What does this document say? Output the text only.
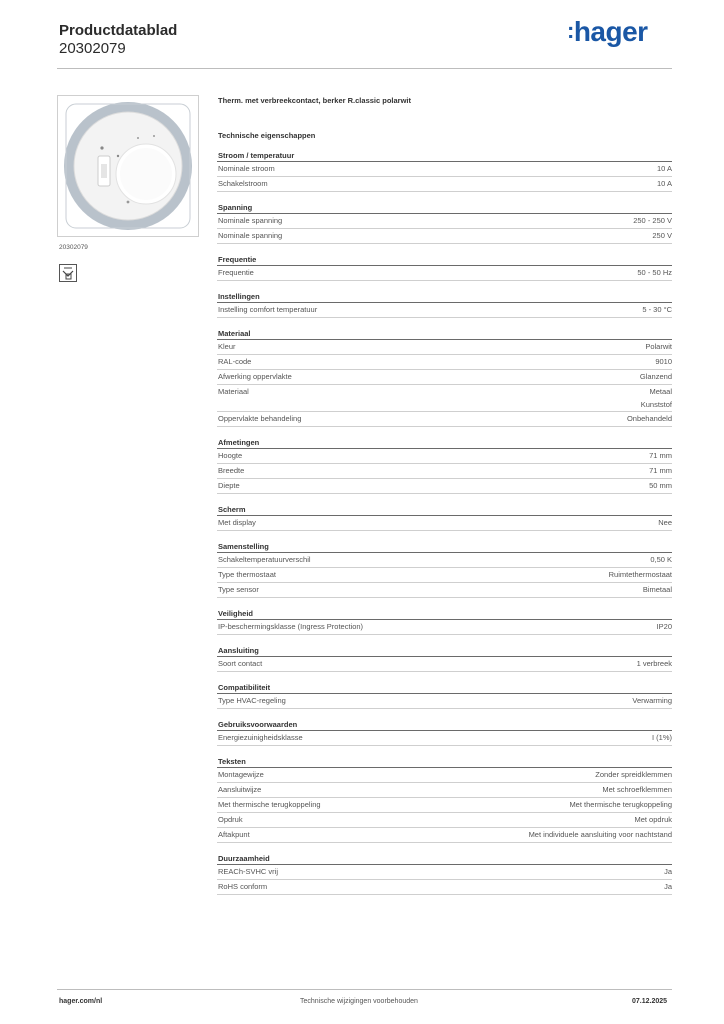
Productdatablad
20302079
:hager
20302079
Therm. met verbreekcontact, berker R.classic polarwit
Technische eigenschappen
Stroom / temperatuur
Nominale stroom	10 A
Schakelstroom	10 A
Spanning
Nominale spanning	250 - 250 V
Nominale spanning	250 V
Frequentie
Frequentie	50 - 50 Hz
Instellingen
Instelling comfort temperatuur	5 - 30 °C
Materiaal
Kleur	Polarwit
RAL-code	9010
Afwerking oppervlakte	Glanzend
Materiaal	Metaal
Kunststof
Oppervlakte behandeling	Onbehandeld
Afmetingen
Hoogte	71 mm
Breedte	71 mm
Diepte	50 mm
Scherm
Met display	Nee
Samenstelling
Schakeltemperatuurverschil	0,50 K
Type thermostaat	Ruimtethermostaat
Type sensor	Bimetaal
Veiligheid
IP-beschermingsklasse (Ingress Protection)	IP20
Aansluiting
Soort contact	1 verbreek
Compatibiliteit
Type HVAC-regeling	Verwarming
Gebruiksvoorwaarden
Energiezuinigheidsklasse	I (1%)
Teksten
Montagewijze	Zonder spreidklemmen
Aansluitwijze	Met schroefklemmen
Met thermische terugkoppeling	Met thermische terugkoppeling
Opdruk	Met opdruk
Aftakpunt	Met individuele aansluiting voor nachtstand
Duurzaamheid
REACh-SVHC vrij	Ja
RoHS conform	Ja
hager.com/nl	Technische wijzigingen voorbehouden	07.12.2025
